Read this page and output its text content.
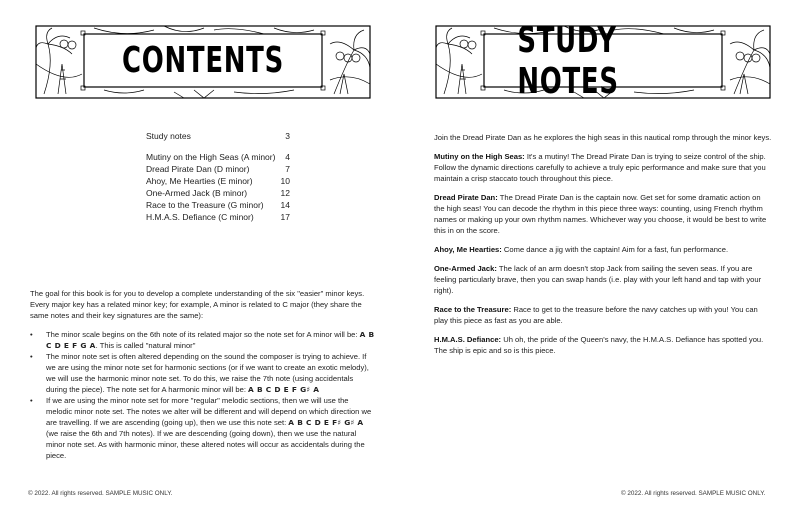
CONTENTS
Study notes	3
Mutiny on the High Seas (A minor) 4
Dread Pirate Dan (D minor)	7
Ahoy, Me Hearties (E minor)	10
One-Armed Jack (B minor)	12
Race to the Treasure (G minor) 14
H.M.A.S. Defiance (C minor)	17

The goal for this book is for you to develop a complete understanding of the six "easier" minor keys. Every major key has a related minor key; for example, A minor is related to C major (they share the same notes and their key signatures are the same):

• The minor scale begins on the 6th note of its related major so the note set for A minor will be: A B C D E F G A. This is called "natural minor"
• The minor note set is often altered depending on the sound the composer is trying to achieve. If we are using the minor note set for harmonic sections (or if we want to create an exotic melody), we will use the harmonic minor note set. To do this, we raise the 7th note (using accidentals during the piece). The note set for A harmonic minor will be: A B C D E F G♯ A
• If we are using the minor note set for more "regular" melodic sections, then we will use the melodic minor note set. The notes we alter will be different and will depend on which direction we are travelling. If we are ascending (going up), then we use this note set: A B C D E F♯ G♯ A (we raise the 6th and 7th notes). If we are descending (going down), then we use the natural minor note set. As with harmonic minor, these altered notes will occur as accidentals during the piece.
© 2022. All rights reserved. SAMPLE MUSIC ONLY.
STUDY NOTES

Join the Dread Pirate Dan as he explores the high seas in this nautical romp through the minor keys.

Mutiny on the High Seas: It's a mutiny! The Dread Pirate Dan is trying to seize control of the ship. Follow the dynamic directions carefully to achieve a truly epic performance and make sure that you maintain a crisp staccato touch throughout this piece.

Dread Pirate Dan: The Dread Pirate Dan is the captain now. Get set for some dramatic action on the high seas! You can decode the rhythm in this piece three ways: counting, using French rhythm names or making up your own rhythm names. Whichever way you choose, it would be best to write this in on the score.

Ahoy, Me Hearties: Come dance a jig with the captain! Aim for a fast, fun performance.

One-Armed Jack: The lack of an arm doesn't stop Jack from sailing the seven seas. If you are feeling particularly brave, then you can swap hands (i.e. play with your left hand and tap with your right).

Race to the Treasure: Race to get to the treasure before the navy catches up with you! You can play this piece as fast as you are able.

H.M.A.S. Defiance: Uh oh, the pride of the Queen's navy, the H.M.A.S. Defiance has spotted you. The ship is epic and so is this piece.

© 2022. All rights reserved. SAMPLE MUSIC ONLY.
